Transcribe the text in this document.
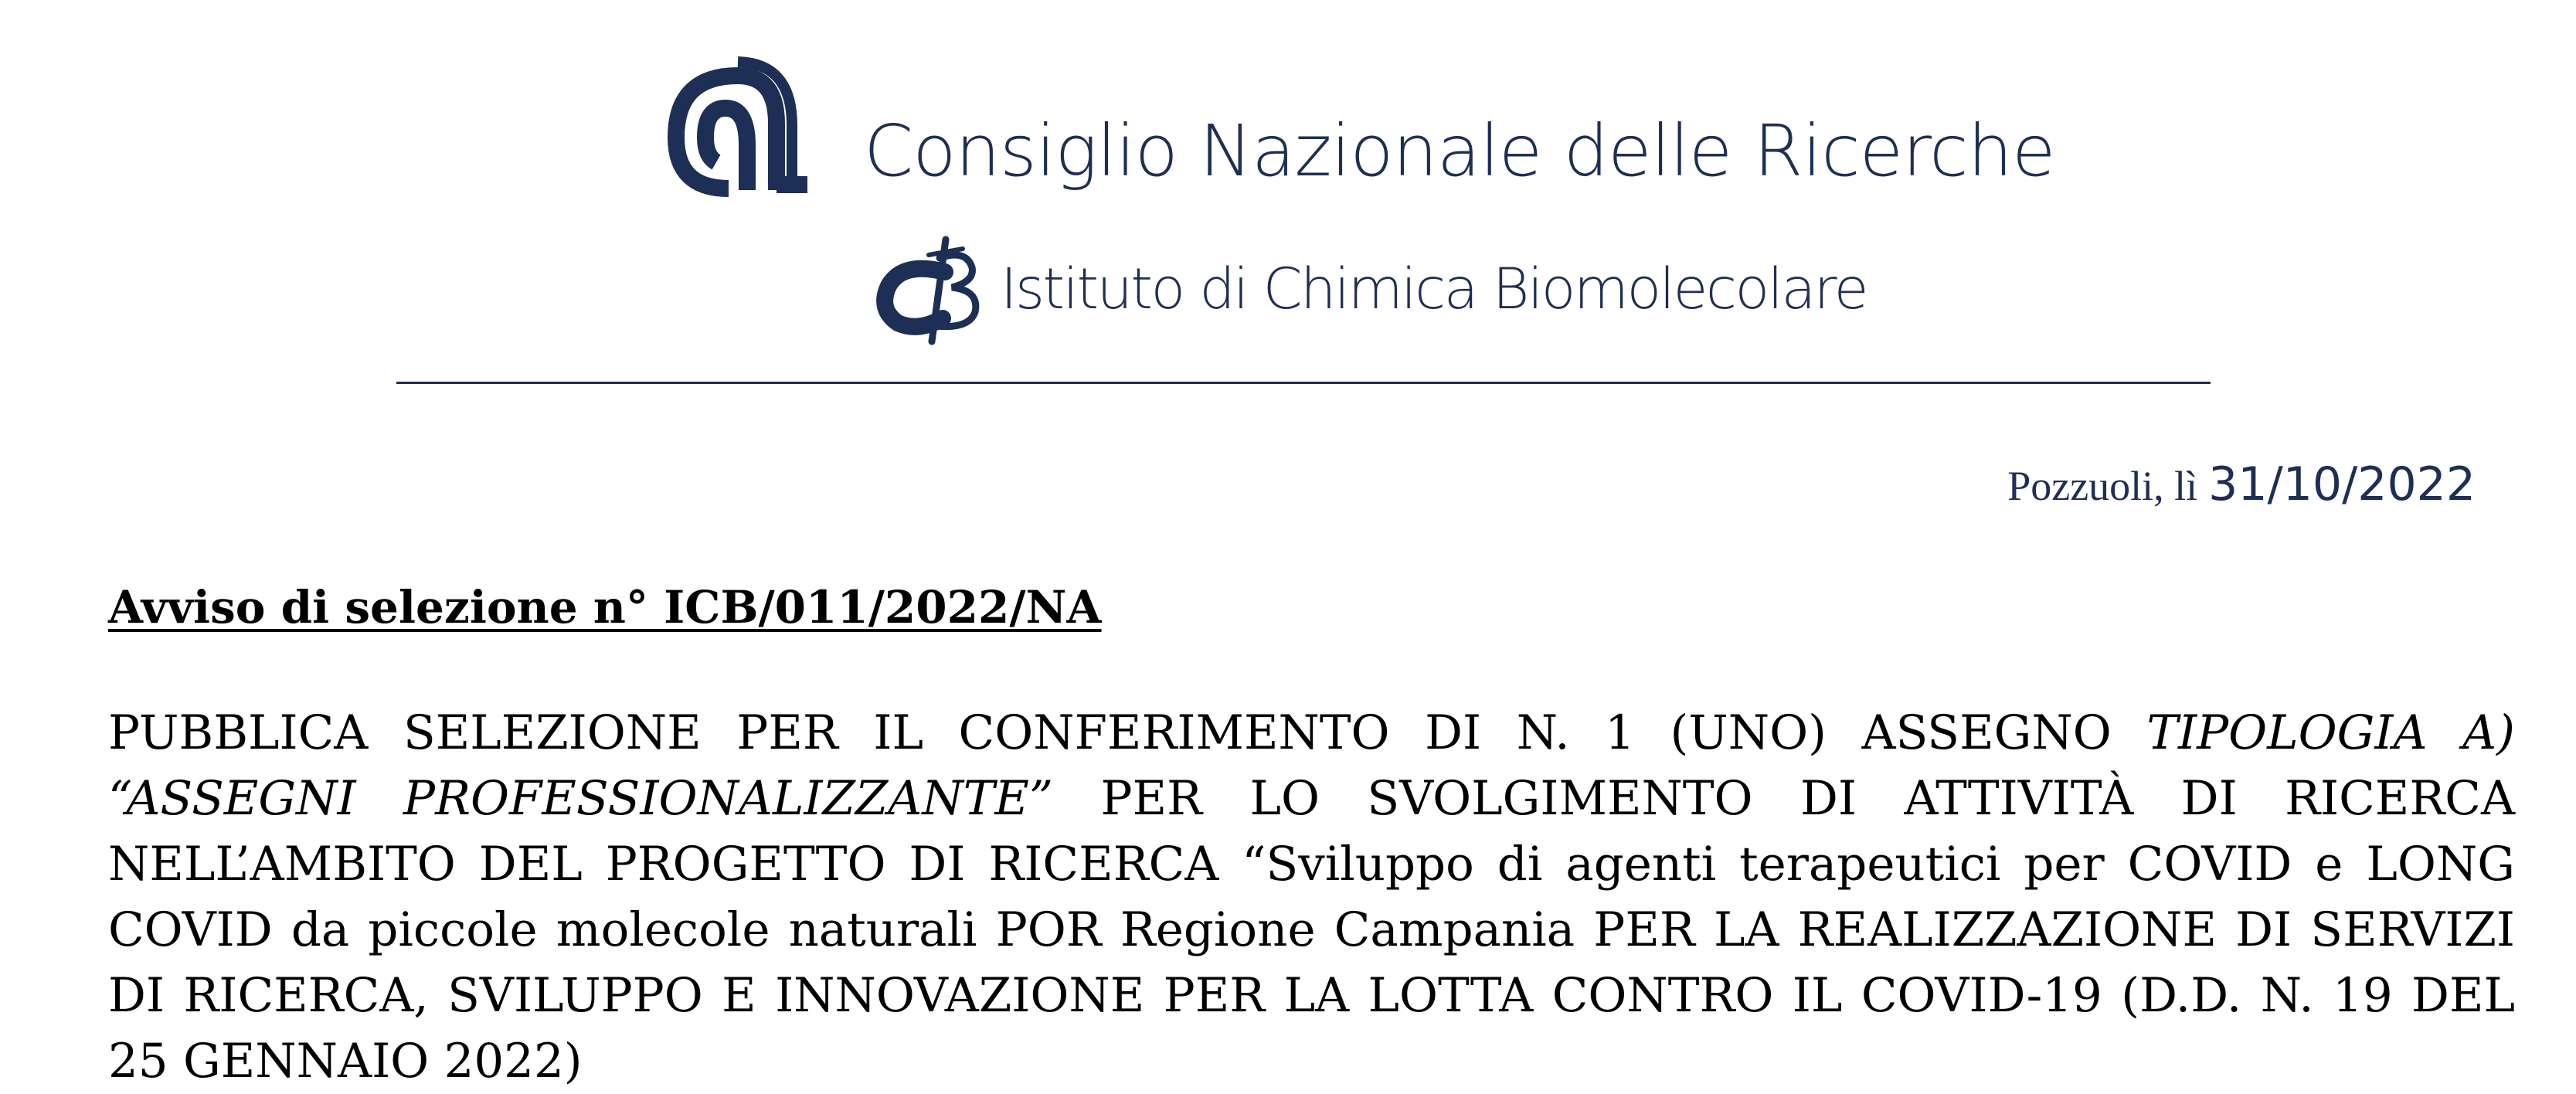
Consiglio Nazionale delle Ricerche
Istituto di Chimica Biomolecolare
Pozzuoli, lì 31/10/2022
Avviso di selezione n° ICB/011/2022/NA
PUBBLICA SELEZIONE PER IL CONFERIMENTO DI N. 1 (UNO) ASSEGNO TIPOLOGIA A) “ASSEGNI PROFESSIONALIZZANTE” PER LO SVOLGIMENTO DI ATTIVITÀ DI RICERCA NELL’AMBITO DEL PROGETTO DI RICERCA “Sviluppo di agenti terapeutici per COVID e LONG COVID da piccole molecole naturali POR Regione Campania PER LA REALIZZAZIONE DI SERVIZI DI RICERCA, SVILUPPO E INNOVAZIONE PER LA LOTTA CONTRO IL COVID-19 (D.D. N. 19 DEL 25 GENNAIO 2022)
